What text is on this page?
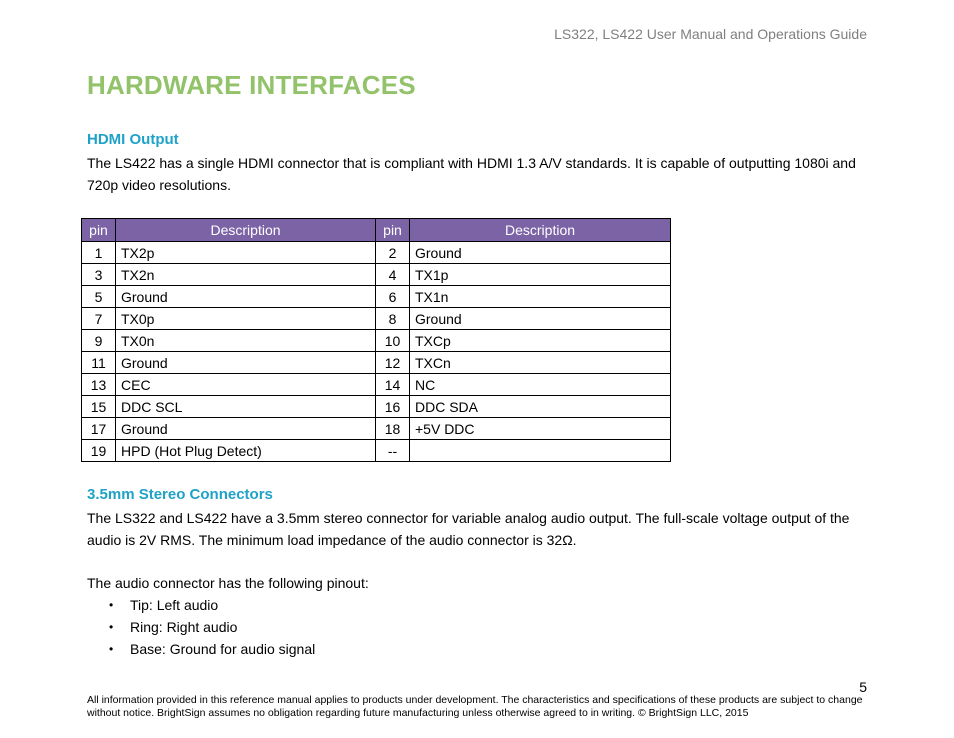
LS322, LS422 User Manual and Operations Guide
HARDWARE INTERFACES
HDMI Output

The LS422 has a single HDMI connector that is compliant with HDMI 1.3 A/V standards. It is capable of outputting 1080i and 720p video resolutions.

pin	Description	pin	Description
1	TX2p	2	Ground
3	TX2n	4	TX1p
5	Ground	6	TX1n
7	TX0p	8	Ground
9	TX0n	10	TXCp
11	Ground	12	TXCn
13	CEC	14	NC
15	DDC SCL	16	DDC SDA
17	Ground	18	+5V DDC
19	HPD (Hot Plug Detect)	--	
3.5mm Stereo Connectors

The LS322 and LS422 have a 3.5mm stereo connector for variable analog audio output. The full-scale voltage output of the audio is 2V RMS. The minimum load impedance of the audio connector is 32Ω.

The audio connector has the following pinout:

• Tip: Left audio
• Ring: Right audio
• Base: Ground for audio signal
5

All information provided in this reference manual applies to products under development. The characteristics and specifications of these products are subject to change without notice. BrightSign assumes no obligation regarding future manufacturing unless otherwise agreed to in writing. © BrightSign LLC, 2015
